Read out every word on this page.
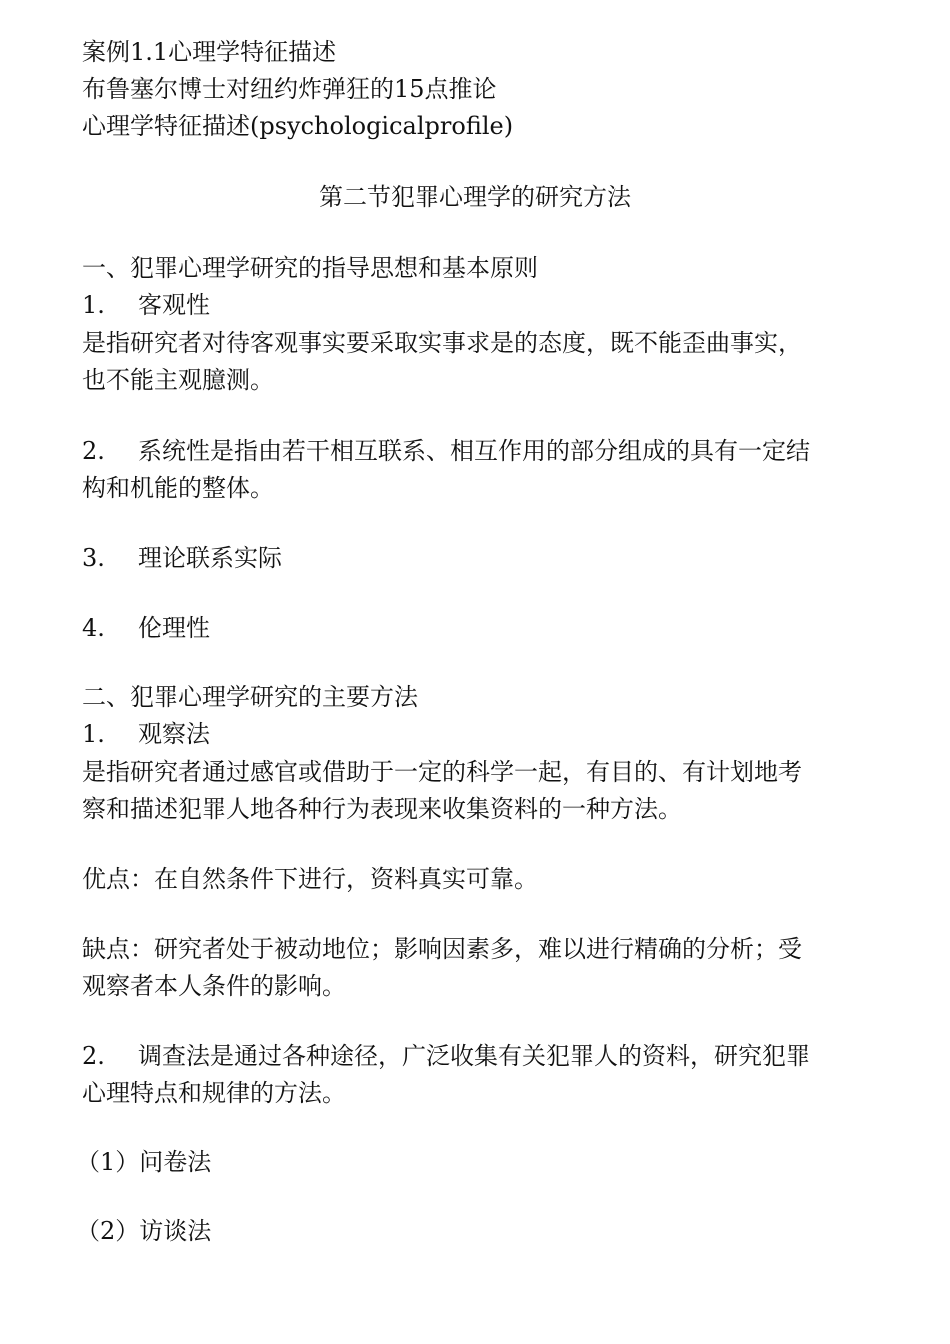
案例1.1心理学特征描述
布鲁塞尔博士对纽约炸弹狂的15点推论
心理学特征描述(psychologicalprofile)
第二节犯罪心理学的研究方法
一、犯罪心理学研究的指导思想和基本原则
1. 客观性
是指研究者对待客观事实要采取实事求是的态度，既不能歪曲事实，
也不能主观臆测。
2. 系统性是指由若干相互联系、相互作用的部分组成的具有一定结
构和机能的整体。
3. 理论联系实际
4. 伦理性
二、犯罪心理学研究的主要方法
1. 观察法
是指研究者通过感官或借助于一定的科学一起，有目的、有计划地考
察和描述犯罪人地各种行为表现来收集资料的一种方法。
优点：在自然条件下进行，资料真实可靠。
缺点：研究者处于被动地位；影响因素多，难以进行精确的分析；受
观察者本人条件的影响。
2. 调查法是通过各种途径，广泛收集有关犯罪人的资料，研究犯罪
心理特点和规律的方法。
（1）问卷法
（2）访谈法
